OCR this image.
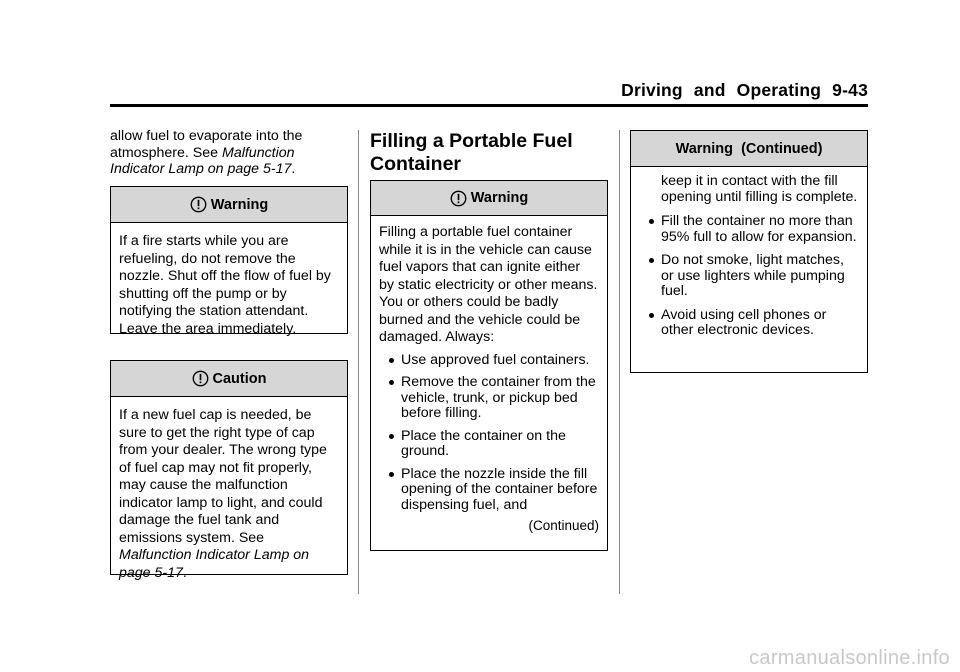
Driving and Operating 9-43

allow fuel to evaporate into the atmosphere. See Malfunction Indicator Lamp on page 5-17.

Warning
If a fire starts while you are refueling, do not remove the nozzle. Shut off the flow of fuel by shutting off the pump or by notifying the station attendant. Leave the area immediately.
Caution
If a new fuel cap is needed, be sure to get the right type of cap from your dealer. The wrong type of fuel cap may not fit properly, may cause the malfunction indicator lamp to light, and could damage the fuel tank and emissions system. See Malfunction Indicator Lamp on page 5-17.
Filling a Portable Fuel Container
Warning

Filling a portable fuel container while it is in the vehicle can cause fuel vapors that can ignite either by static electricity or other means. You or others could be badly burned and the vehicle could be damaged. Always:

Use approved fuel containers.
Remove the container from the vehicle, trunk, or pickup bed before filling.
Place the container on the ground.
Place the nozzle inside the fill opening of the container before dispensing fuel, and
(Continued)
Warning  (Continued)

keep it in contact with the fill opening until filling is complete.

Fill the container no more than 95% full to allow for expansion.
Do not smoke, light matches, or use lighters while pumping fuel.
Avoid using cell phones or other electronic devices.
carmanualsonline.info
